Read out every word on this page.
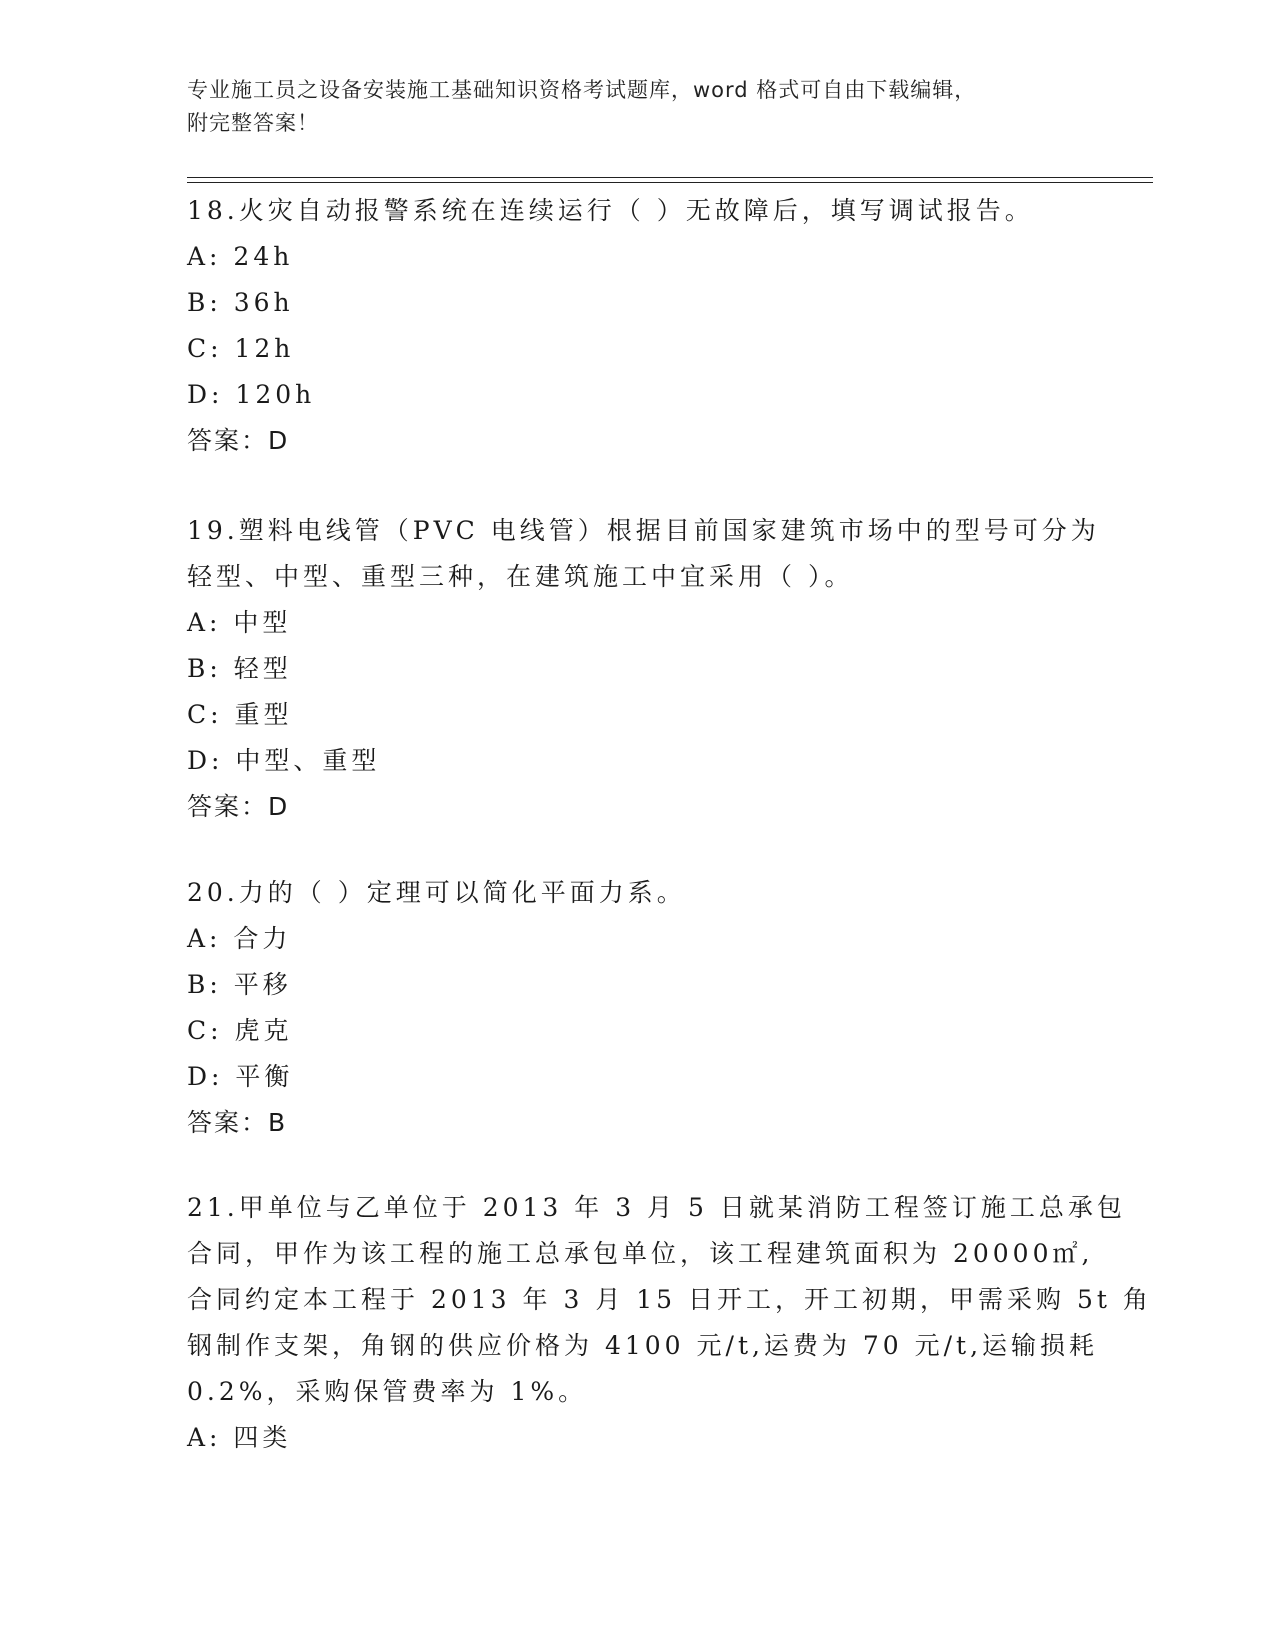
专业施工员之设备安装施工基础知识资格考试题库，word 格式可自由下载编辑，
附完整答案！
18.火灾自动报警系统在连续运行（ ）无故障后，填写调试报告。
A: 24h
B: 36h
C: 12h
D: 120h
答案：D
19.塑料电线管（PVC 电线管）根据目前国家建筑市场中的型号可分为
轻型、中型、重型三种，在建筑施工中宜采用（ ）。
A: 中型
B: 轻型
C: 重型
D: 中型、重型
答案：D
20.力的（ ）定理可以简化平面力系。
A: 合力
B: 平移
C: 虎克
D: 平衡
答案：B
21.甲单位与乙单位于 2013 年 3 月 5 日就某消防工程签订施工总承包
合同，甲作为该工程的施工总承包单位，该工程建筑面积为 20000㎡,
合同约定本工程于 2013 年 3 月 15 日开工，开工初期，甲需采购 5t 角
钢制作支架，角钢的供应价格为 4100 元/t,运费为 70 元/t,运输损耗
0.2%，采购保管费率为 1%。
A: 四类
